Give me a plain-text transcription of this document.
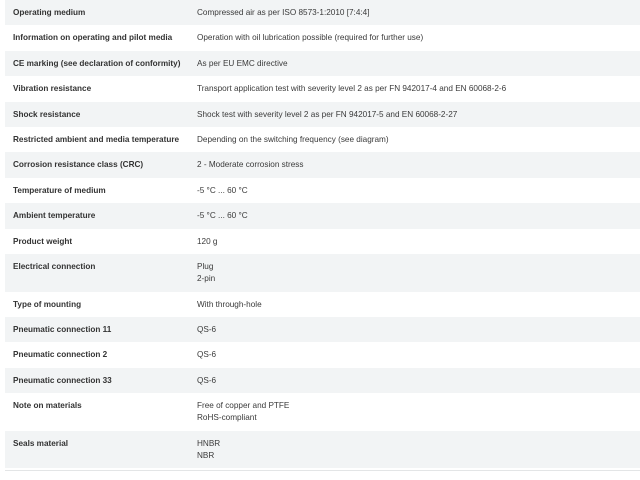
Operating medium	Compressed air as per ISO 8573-1:2010 [7:4:4]
Information on operating and pilot media	Operation with oil lubrication possible (required for further use)
CE marking (see declaration of conformity)	As per EU EMC directive
Vibration resistance	Transport application test with severity level 2 as per FN 942017-4 and EN 60068-2-6
Shock resistance	Shock test with severity level 2 as per FN 942017-5 and EN 60068-2-27
Restricted ambient and media temperature	Depending on the switching frequency (see diagram)
Corrosion resistance class (CRC)	2 - Moderate corrosion stress
Temperature of medium	-5 °C ... 60 °C
Ambient temperature	-5 °C ... 60 °C
Product weight	120 g
Electrical connection	Plug
2-pin
Type of mounting	With through-hole
Pneumatic connection 11	QS-6
Pneumatic connection 2	QS-6
Pneumatic connection 33	QS-6
Note on materials	Free of copper and PTFE
RoHS-compliant
Seals material	HNBR
NBR
